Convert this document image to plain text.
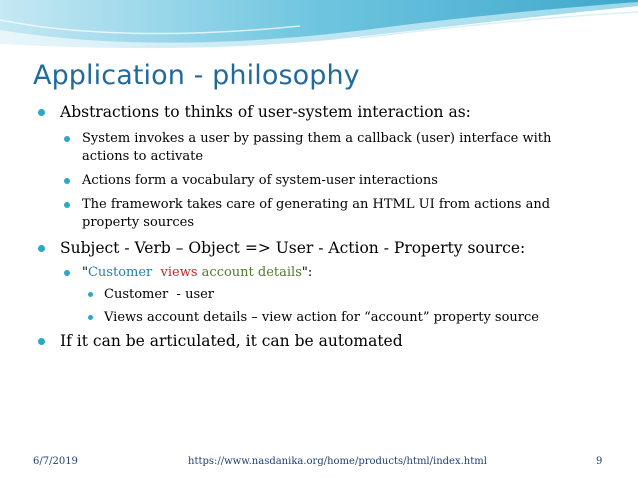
Application - philosophy
Abstractions to thinks of user-system interaction as:
System invokes a user by passing them a callback (user) interface with
actions to activate
Actions form a vocabulary of system-user interactions
The framework takes care of generating an HTML UI from actions and
property sources
Subject - Verb – Object => User - Action - Property source:
"Customer views account details":
Customer  - user
Views account details – view action for “account” property source
If it can be articulated, it can be automated
6/7/2019	https://www.nasdanika.org/home/products/html/index.html	9
